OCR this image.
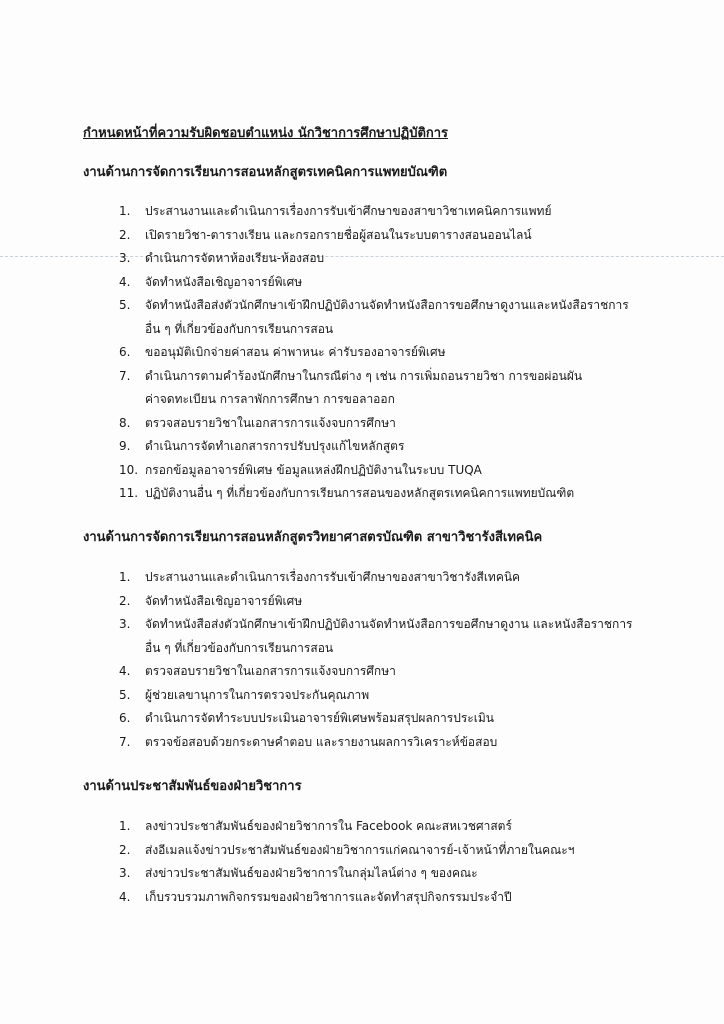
กำหนดหน้าที่ความรับผิดชอบตำแหน่ง นักวิชาการศึกษาปฏิบัติการ
งานด้านการจัดการเรียนการสอนหลักสูตรเทคนิคการแพทยบัณฑิต
1.	ประสานงานและดำเนินการเรื่องการรับเข้าศึกษาของสาขาวิชาเทคนิคการแพทย์
2.	เปิดรายวิชา-ตารางเรียน และกรอกรายชื่อผู้สอนในระบบตารางสอนออนไลน์
3.	ดำเนินการจัดหาห้องเรียน-ห้องสอบ
4.	จัดทำหนังสือเชิญอาจารย์พิเศษ
5.	จัดทำหนังสือส่งตัวนักศึกษาเข้าฝึกปฏิบัติงานจัดทำหนังสือการขอศึกษาดูงานและหนังสือราชการ
อื่น ๆ ที่เกี่ยวข้องกับการเรียนการสอน
6.	ขออนุมัติเบิกจ่ายค่าสอน ค่าพาหนะ ค่ารับรองอาจารย์พิเศษ
7.	ดำเนินการตามคำร้องนักศึกษาในกรณีต่าง ๆ เช่น การเพิ่มถอนรายวิชา การขอผ่อนผัน
ค่าจดทะเบียน การลาพักการศึกษา การขอลาออก
8.	ตรวจสอบรายวิชาในเอกสารการแจ้งจบการศึกษา
9.	ดำเนินการจัดทำเอกสารการปรับปรุงแก้ไขหลักสูตร
10. กรอกข้อมูลอาจารย์พิเศษ ข้อมูลแหล่งฝึกปฏิบัติงานในระบบ TUQA
11. ปฏิบัติงานอื่น ๆ ที่เกี่ยวข้องกับการเรียนการสอนของหลักสูตรเทคนิคการแพทยบัณฑิต
งานด้านการจัดการเรียนการสอนหลักสูตรวิทยาศาสตรบัณฑิต สาขาวิชารังสีเทคนิค
1.	ประสานงานและดำเนินการเรื่องการรับเข้าศึกษาของสาขาวิชารังสีเทคนิค
2.	จัดทำหนังสือเชิญอาจารย์พิเศษ
3.	จัดทำหนังสือส่งตัวนักศึกษาเข้าฝึกปฏิบัติงานจัดทำหนังสือการขอศึกษาดูงาน และหนังสือราชการ
อื่น ๆ ที่เกี่ยวข้องกับการเรียนการสอน
4.	ตรวจสอบรายวิชาในเอกสารการแจ้งจบการศึกษา
5.	ผู้ช่วยเลขานุการในการตรวจประกันคุณภาพ
6.	ดำเนินการจัดทำระบบประเมินอาจารย์พิเศษพร้อมสรุปผลการประเมิน
7.	ตรวจข้อสอบด้วยกระดาษคำตอบ และรายงานผลการวิเคราะห์ข้อสอบ
งานด้านประชาสัมพันธ์ของฝ่ายวิชาการ
1.	ลงข่าวประชาสัมพันธ์ของฝ่ายวิชาการใน Facebook คณะสหเวชศาสตร์
2.	ส่งอีเมลแจ้งข่าวประชาสัมพันธ์ของฝ่ายวิชาการแก่คณาจารย์-เจ้าหน้าที่ภายในคณะฯ
3.	ส่งข่าวประชาสัมพันธ์ของฝ่ายวิชาการในกลุ่มไลน์ต่าง ๆ ของคณะ
4.	เก็บรวบรวมภาพกิจกรรมของฝ่ายวิชาการและจัดทำสรุปกิจกรรมประจำปี
